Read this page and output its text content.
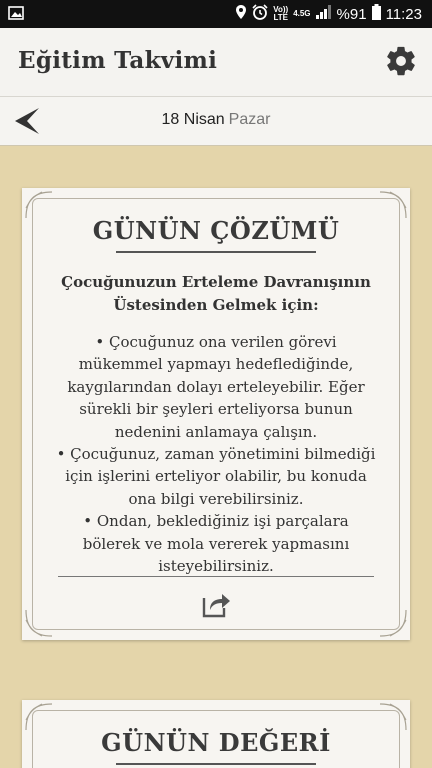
Vo))
LTE 4.5G %91 11:23
Eğitim Takvimi
18 Nisan Pazar
GÜNÜN ÇÖZÜMÜ
Çocuğunuzun Erteleme Davranışının
Üstesinden Gelmek için:
• Çocuğunuz ona verilen görevi
mükemmel yapmayı hedeflediğinde,
kaygılarından dolayı erteleyebilir. Eğer
sürekli bir şeyleri erteliyorsa bunun
nedenini anlamaya çalışın.
• Çocuğunuz, zaman yönetimini bilmediği
için işlerini erteliyor olabilir, bu konuda
ona bilgi verebilirsiniz.
• Ondan, beklediğiniz işi parçalara
bölerek ve mola vererek yapmasını
isteyebilirsiniz.
GÜNÜN DEĞERİ
